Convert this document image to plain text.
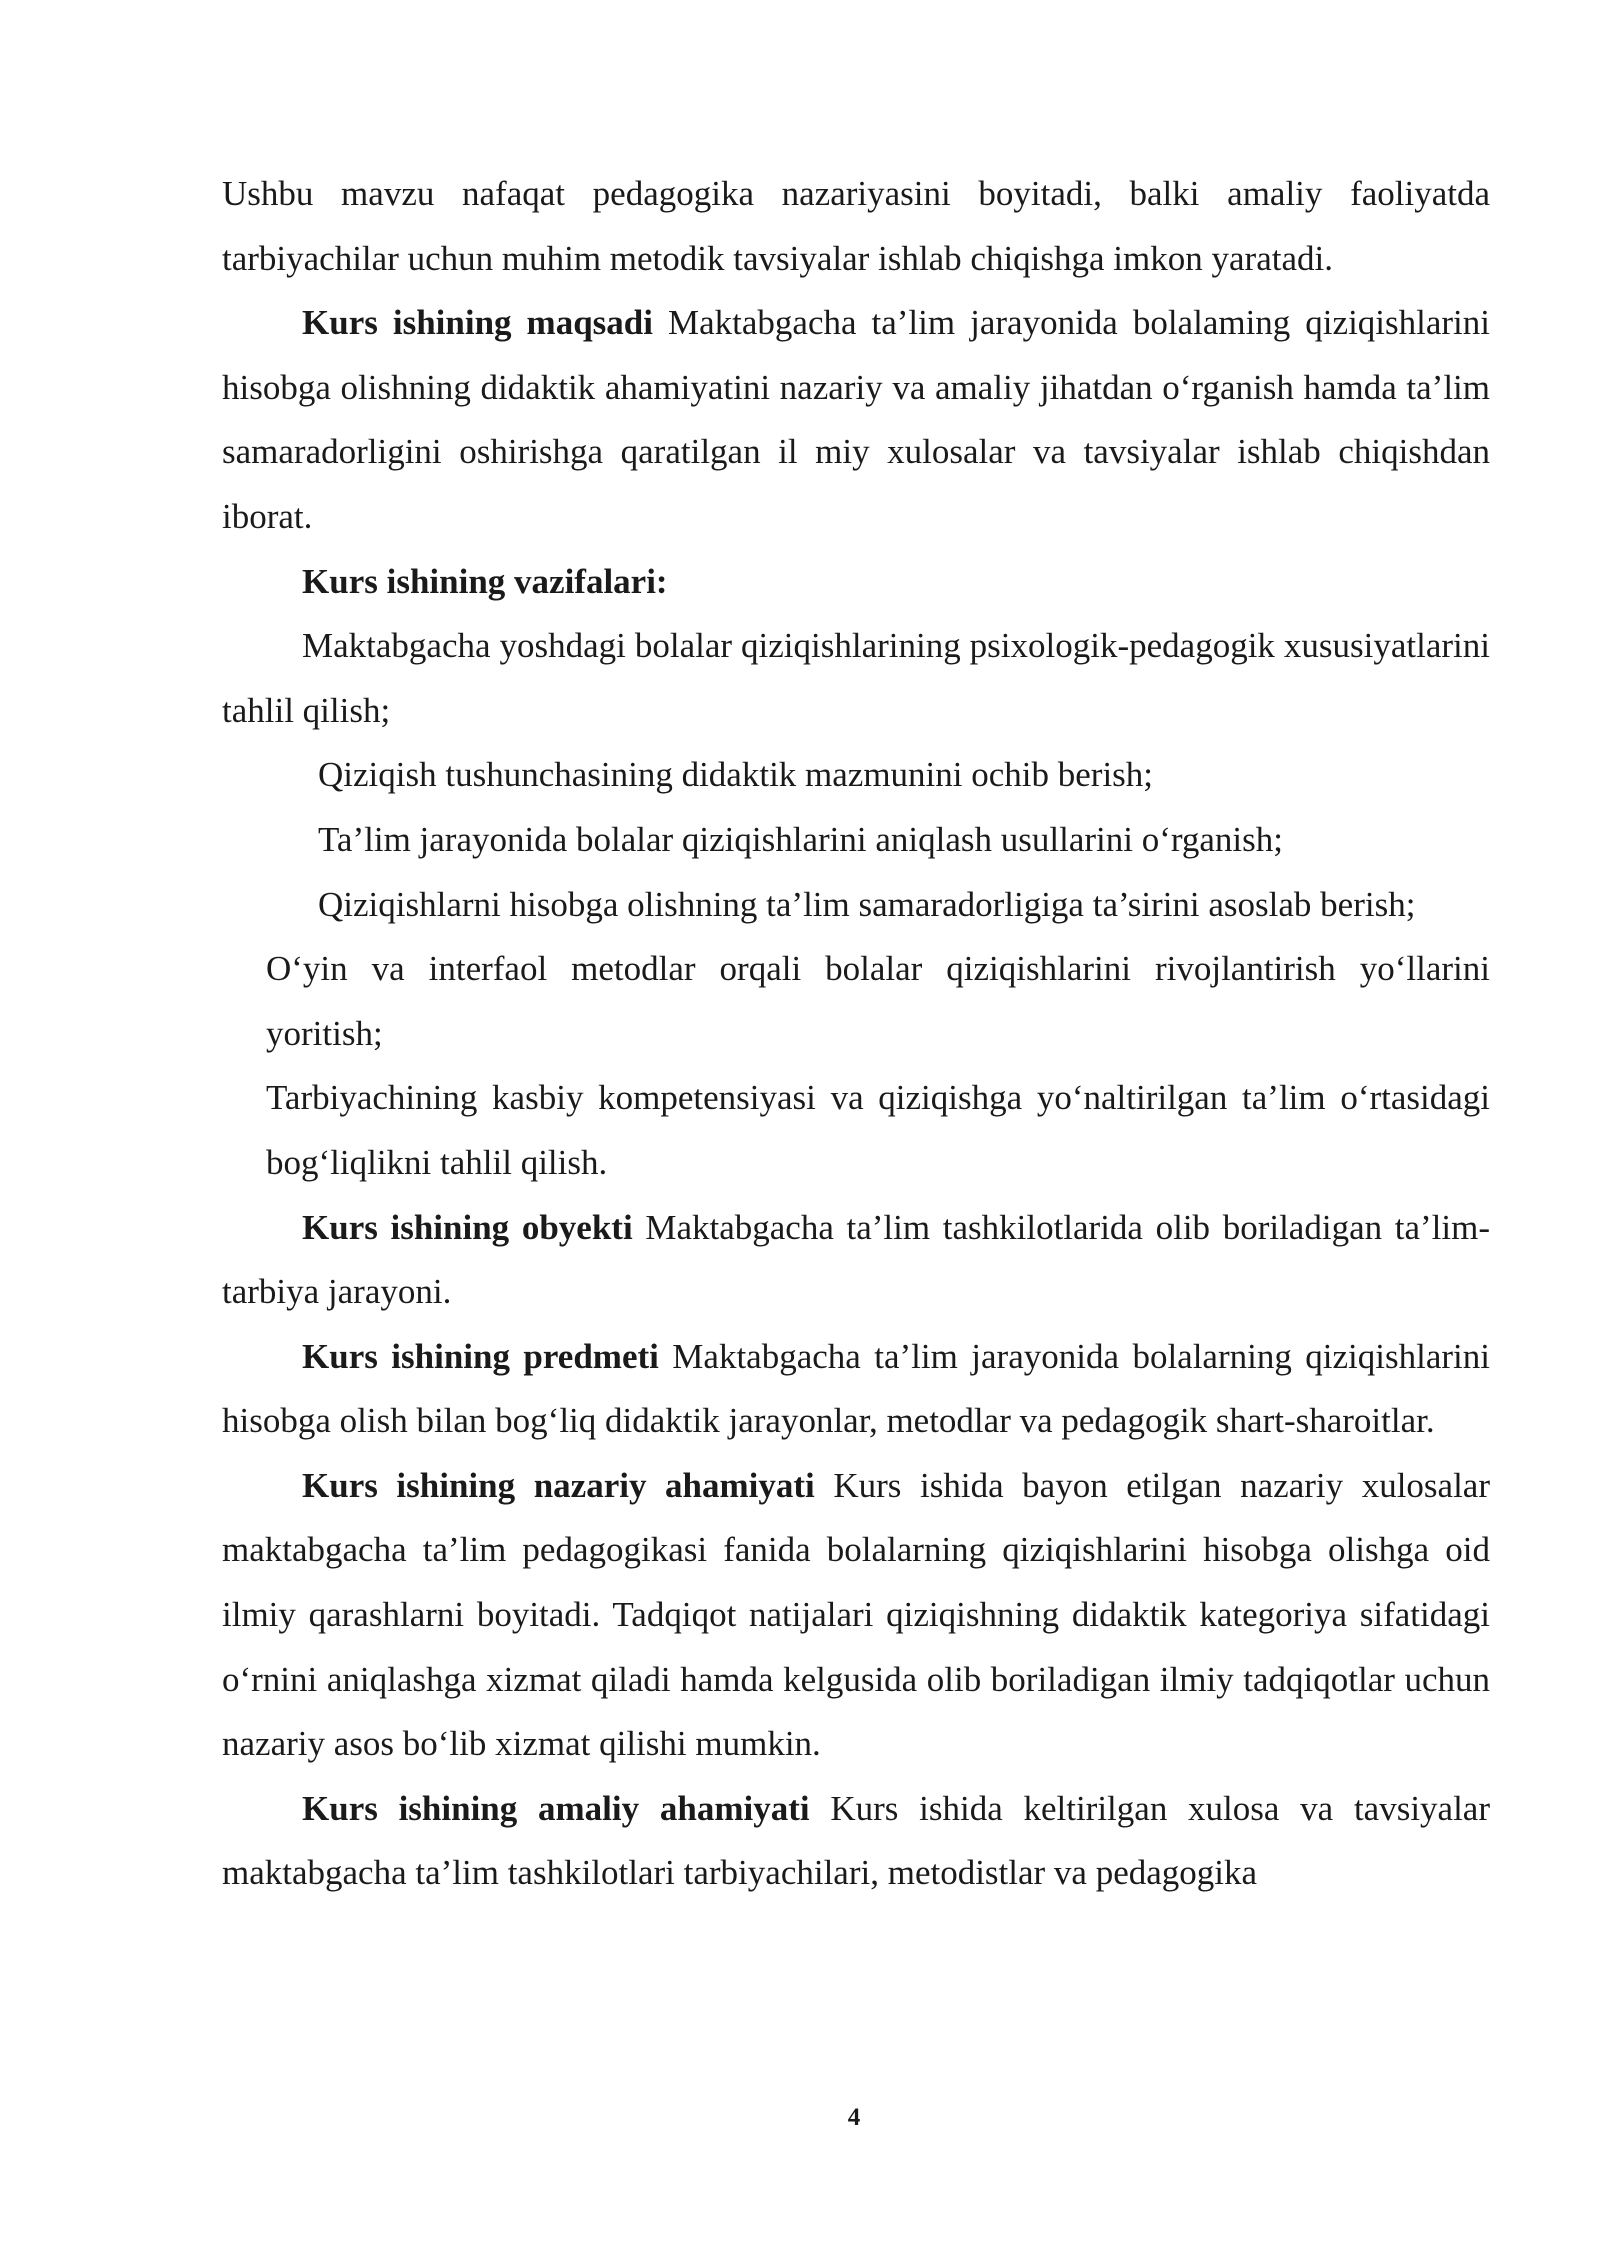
Ushbu mavzu nafaqat pedagogika nazariyasini boyitadi, balki amaliy faoliyatda tarbiyachilar uchun muhim metodik tavsiyalar ishlab chiqishga imkon yaratadi.

Kurs ishining maqsadi Maktabgacha ta’lim jarayonida bolalaming qiziqishlarini hisobga olishning didaktik ahamiyatini nazariy va amaliy jihatdan o‘rganish hamda ta’lim samaradorligini oshirishga qaratilgan il miy xulosalar va tavsiyalar ishlab chiqishdan iborat.

Kurs ishining vazifalari:

Maktabgacha yoshdagi bolalar qiziqishlarining psixologik-pedagogik xususiyatlarini tahlil qilish;

Qiziqish tushunchasining didaktik mazmunini ochib berish;

Ta’lim jarayonida bolalar qiziqishlarini aniqlash usullarini o‘rganish;

Qiziqishlarni hisobga olishning ta’lim samaradorligiga ta’sirini asoslab berish;

O‘yin va interfaol metodlar orqali bolalar qiziqishlarini rivojlantirish yo‘llarini yoritish;

Tarbiyachining kasbiy kompetensiyasi va qiziqishga yo‘naltirilgan ta’lim o‘rtasidagi bog‘liqlikni tahlil qilish.

Kurs ishining obyekti Maktabgacha ta’lim tashkilotlarida olib boriladigan ta’lim-tarbiya jarayoni.

Kurs ishining predmeti Maktabgacha ta’lim jarayonida bolalarning qiziqishlarini hisobga olish bilan bog‘liq didaktik jarayonlar, metodlar va pedagogik shart-sharoitlar.

Kurs ishining nazariy ahamiyati Kurs ishida bayon etilgan nazariy xulosalar maktabgacha ta’lim pedagogikasi fanida bolalarning qiziqishlarini hisobga olishga oid ilmiy qarashlarni boyitadi. Tadqiqot natijalari qiziqishning didaktik kategoriya sifatidagi o‘rnini aniqlashga xizmat qiladi hamda kelgusida olib boriladigan ilmiy tadqiqotlar uchun nazariy asos bo‘lib xizmat qilishi mumkin.

Kurs ishining amaliy ahamiyati Kurs ishida keltirilgan xulosa va tavsiyalar maktabgacha ta’lim tashkilotlari tarbiyachilari, metodistlar va pedagogika

4
